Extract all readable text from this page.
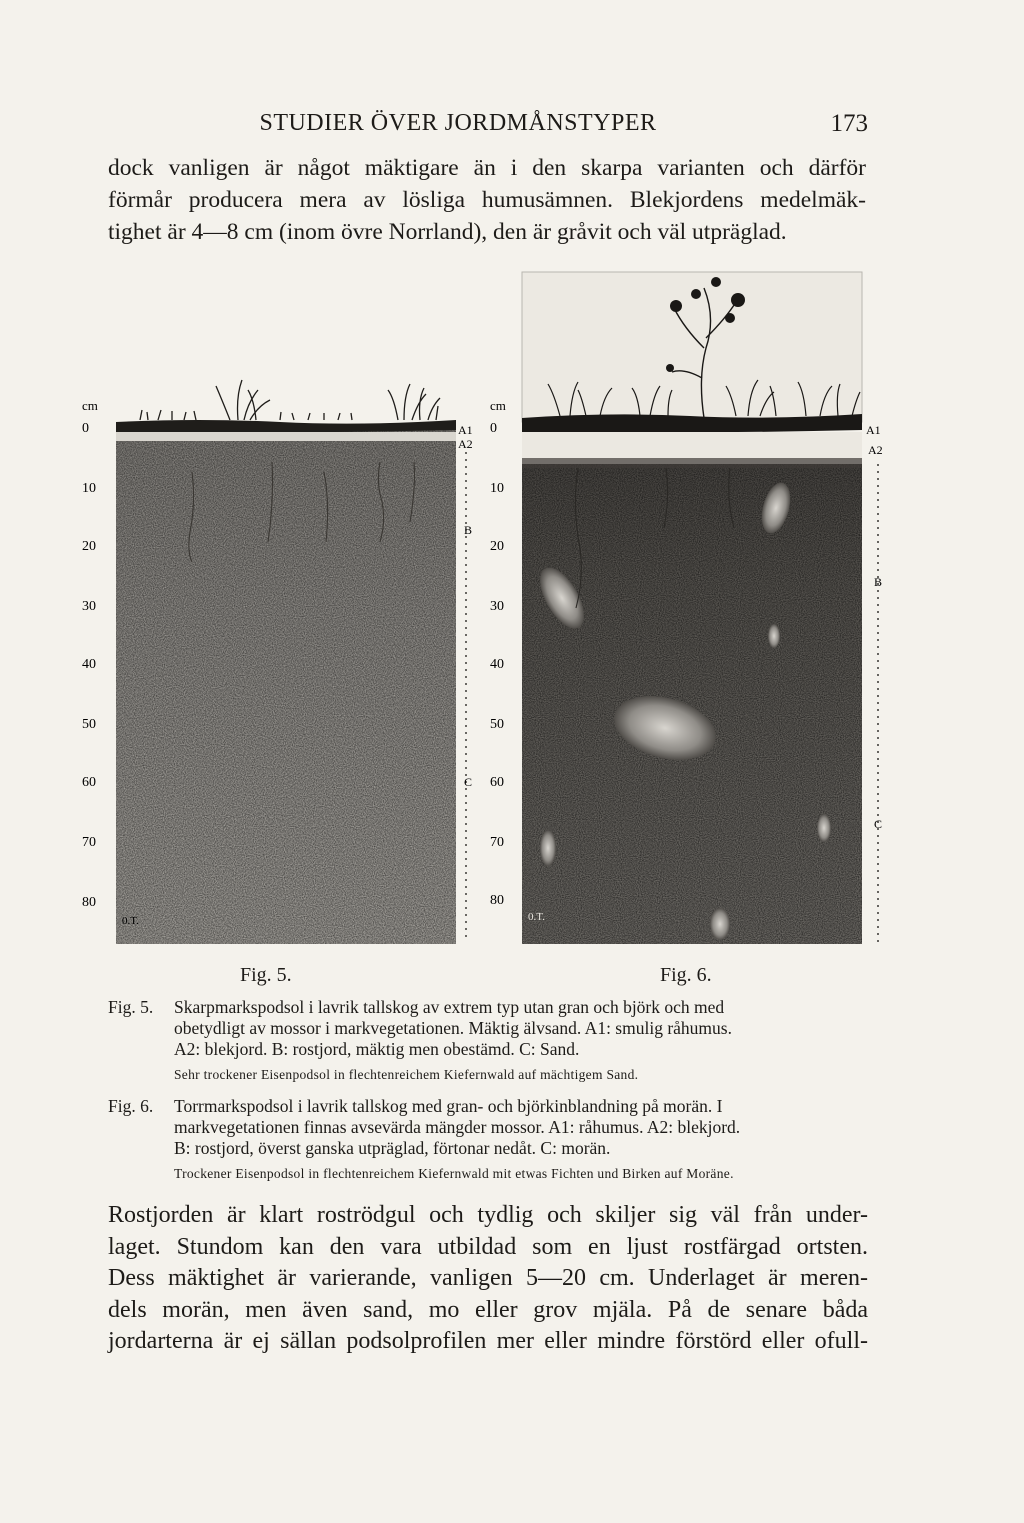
STUDIER ÖVER JORDMÅNSTYPER	173
dock vanligen är något mäktigare än i den skarpa varianten och därför
förmår producera mera av lösliga humusämnen. Blekjordens medelmäk-
tighet är 4—8 cm (inom övre Norrland), den är gråvit och väl utpräglad.
cm
0
10
20
30
40
50
60
70
80
A1
A2
B
C
0.T.
cm
0
10
20
30
40
50
60
70
80
A1
A2
B
C
0.T.
Fig. 5.	Fig. 6.
Fig. 5. Skarpmarkspodsol i lavrik tallskog av extrem typ utan gran och björk och med
obetydligt av mossor i markvegetationen. Mäktig älvsand. A1: smulig råhumus.
A2: blekjord. B: rostjord, mäktig men obestämd. C: Sand.
Sehr trockener Eisenpodsol in flechtenreichem Kiefernwald auf mächtigem Sand.
Fig. 6. Torrmarkspodsol i lavrik tallskog med gran- och björkinblandning på morän. I
markvegetationen finnas avsevärda mängder mossor. A1: råhumus. A2: blekjord.
B: rostjord, överst ganska utpräglad, förtonar nedåt. C: morän.
Trockener Eisenpodsol in flechtenreichem Kiefernwald mit etwas Fichten und Birken auf Moräne.
Rostjorden är klart roströdgul och tydlig och skiljer sig väl från under-
laget. Stundom kan den vara utbildad som en ljust rostfärgad ortsten.
Dess mäktighet är varierande, vanligen 5—20 cm. Underlaget är meren-
dels morän, men även sand, mo eller grov mjäla. På de senare båda
jordarterna är ej sällan podsolprofilen mer eller mindre förstörd eller ofull-
